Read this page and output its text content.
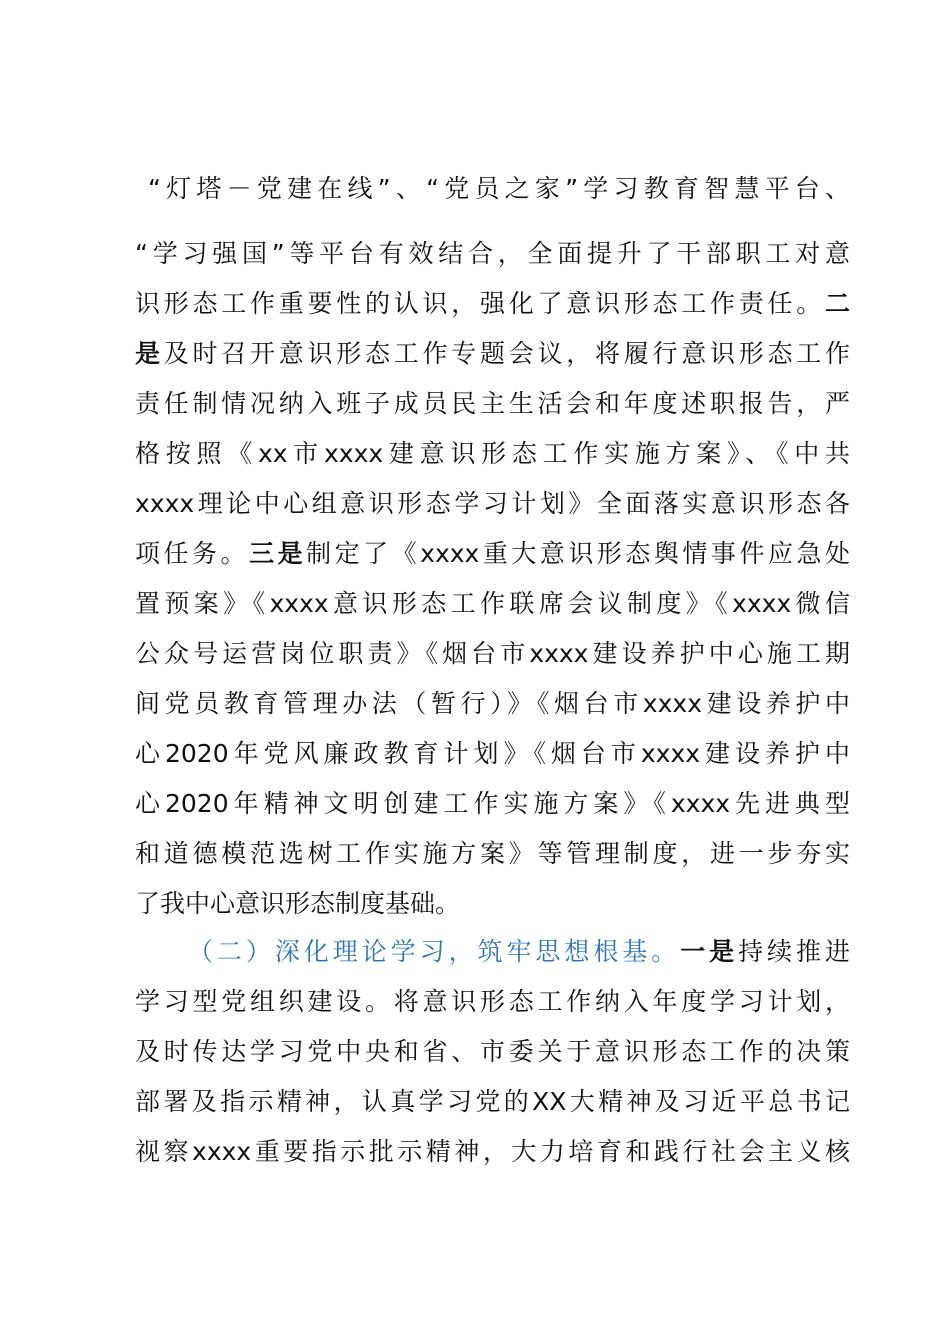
“灯塔－党建在线”、“党员之家”学习教育智慧平台、
“学习强国”等平台有效结合，全面提升了干部职工对意
识形态工作重要性的认识，强化了意识形态工作责任。二
是及时召开意识形态工作专题会议，将履行意识形态工作
责任制情况纳入班子成员民主生活会和年度述职报告，严
格按照《xx市xxxx建意识形态工作实施方案》、《中共
xxxx理论中心组意识形态学习计划》全面落实意识形态各
项任务。三是制定了《xxxx重大意识形态舆情事件应急处
置预案》《xxxx意识形态工作联席会议制度》《xxxx微信
公众号运营岗位职责》《烟台市xxxx建设养护中心施工期
间党员教育管理办法（暂行）》《烟台市xxxx建设养护中
心2020年党风廉政教育计划》《烟台市xxxx建设养护中
心2020年精神文明创建工作实施方案》《xxxx先进典型
和道德模范选树工作实施方案》等管理制度，进一步夯实
了我中心意识形态制度基础。
（二）深化理论学习，筑牢思想根基。一是持续推进
学习型党组织建设。将意识形态工作纳入年度学习计划，
及时传达学习党中央和省、市委关于意识形态工作的决策
部署及指示精神，认真学习党的XX大精神及习近平总书记
视察xxxx重要指示批示精神，大力培育和践行社会主义核
